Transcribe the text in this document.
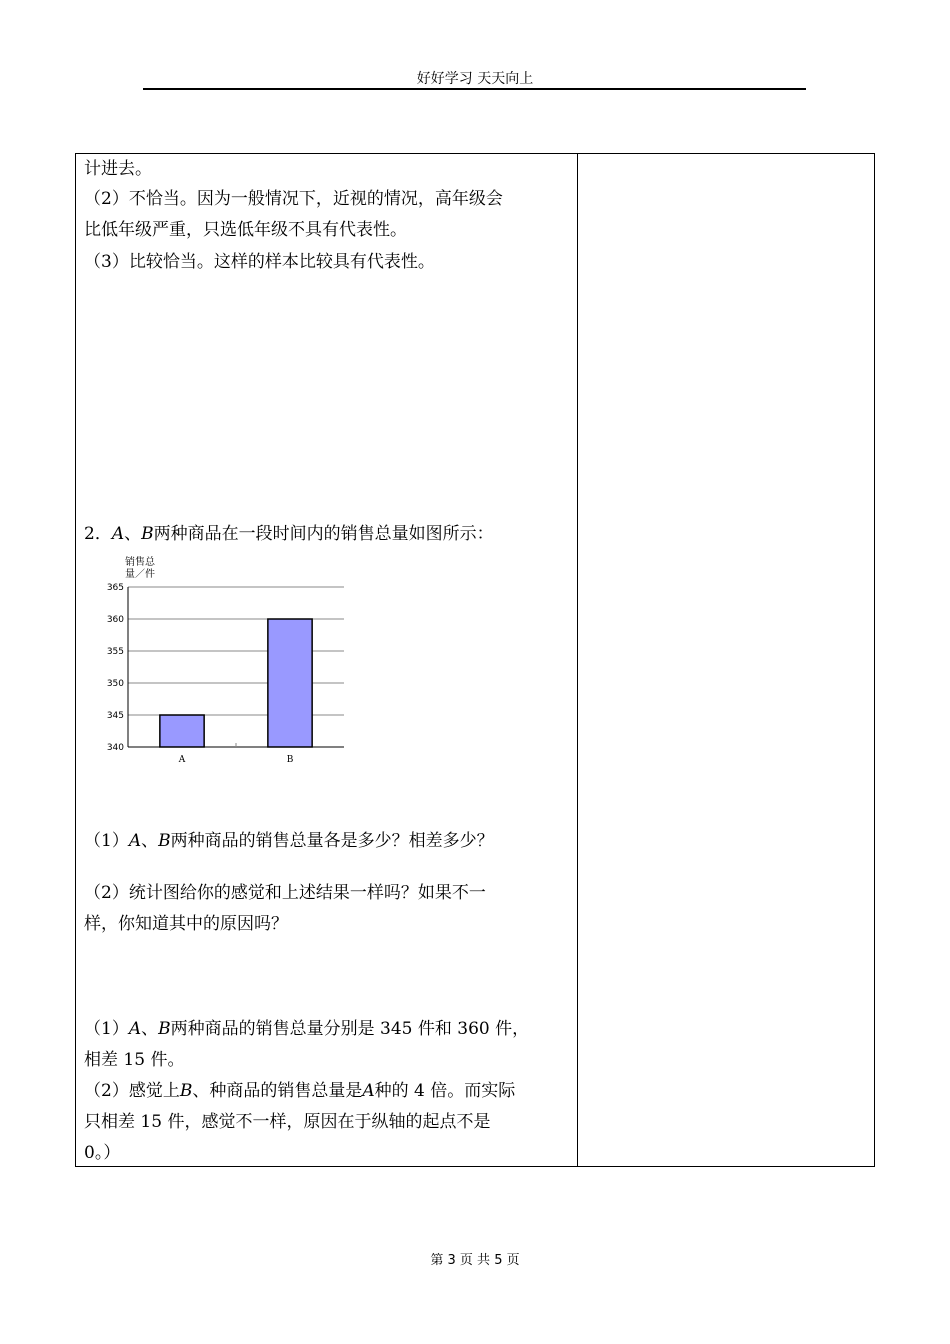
好好学习 天天向上
计进去。
（2）不恰当。因为一般情况下，近视的情况，高年级会
比低年级严重，只选低年级不具有代表性。
（3）比较恰当。这样的样本比较具有代表性。
2．A、B两种商品在一段时间内的销售总量如图所示：
销售总
量／件
340
345
350
355
360
365
A	B
（1）A、B两种商品的销售总量各是多少？相差多少？
（2）统计图给你的感觉和上述结果一样吗？如果不一
样，你知道其中的原因吗？
（1）A、B两种商品的销售总量分别是 345 件和 360 件，
相差 15 件。
（2）感觉上B、种商品的销售总量是A种的 4 倍。而实际
只相差 15 件，感觉不一样，原因在于纵轴的起点不是
0。）
第 3 页 共 5 页
